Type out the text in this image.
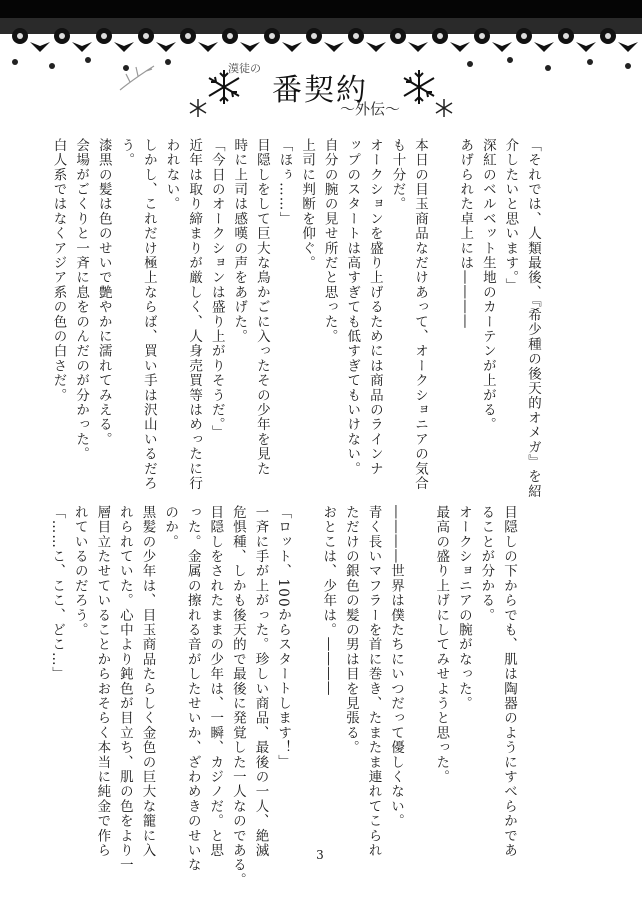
漠徒の
番契約
〜外伝〜

「それでは、人類最後、『希少種の後天的オメガ』を紹

介したいと思います。」

深紅のベルベット生地のカーテンが上がる。

あげられた卓上には――――

本日の目玉商品なだけあって、オークショニアの気合

も十分だ。

オークションを盛り上げるためには商品のラインナ

ップのスタートは高すぎても低すぎてもいけない。

自分の腕の見せ所だと思った。

上司に判断を仰ぐ。

「ほぅ……」

目隠しをして巨大な鳥かごに入ったその少年を見た

時に上司は感嘆の声をあげた。

「今日のオークションは盛り上がりそうだ。」

近年は取り締まりが厳しく、人身売買等はめったに行

われない。

しかし、これだけ極上ならば、買い手は沢山いるだろ

う。

漆黒の髪は色のせいで艶やかに濡れてみえる。

会場がごくりと一斉に息をのんだのが分かった。

白人系ではなくアジア系の色の白さだ。

目隠しの下からでも、肌は陶器のようにすべらかであ

ることが分かる。

オークショニアの腕がなった。

最高の盛り上げにしてみせようと思った。

――――世界は僕たちにいつだって優しくない。

青く長いマフラーを首に巻き、たまたま連れてこられ

ただけの銀色の髪の男は目を見張る。

おとこは、少年は。――――

「ロット、100からスタートします！」

一斉に手が上がった。珍しい商品、最後の一人、絶滅

危惧種、しかも後天的で最後に発覚した一人なのである。

目隠しをされたままの少年は、一瞬、カジノだ。と思

った。金属の擦れる音がしたせいか、ざわめきのせいな

のか。

黒髪の少年は、目玉商品たらしく金色の巨大な籠に入

れられていた。心中より鈍色が目立ち、肌の色をより一

層目立たせていることからおそらく本当に純金で作ら

れているのだろう。

「……こ、ここ、どこ…」

3
